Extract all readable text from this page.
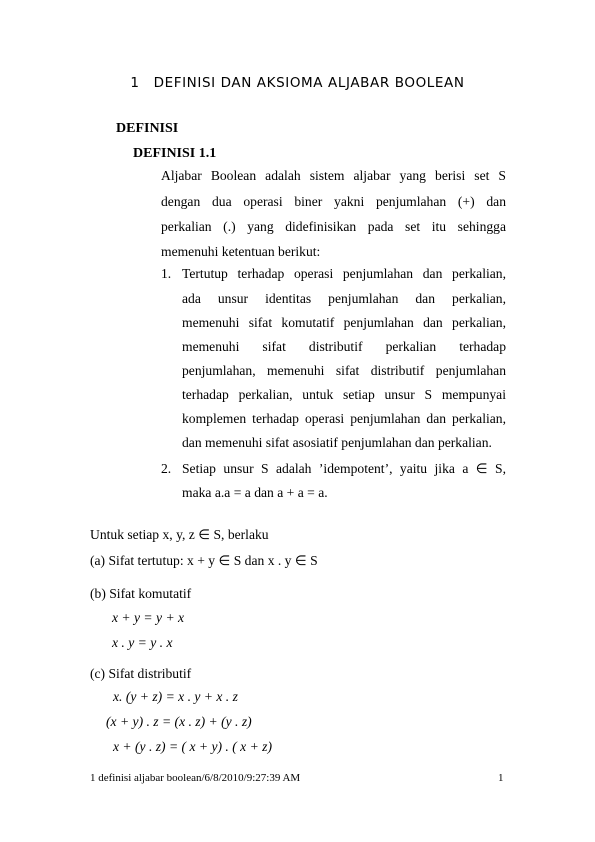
1 DEFINISI DAN AKSIOMA ALJABAR BOOLEAN
DEFINISI
DEFINISI 1.1
Aljabar Boolean adalah sistem aljabar yang berisi set S
dengan dua operasi biner yakni penjumlahan (+) dan
perkalian (.) yang didefinisikan pada set itu sehingga
memenuhi ketentuan berikut:
1. Tertutup terhadap operasi penjumlahan dan perkalian,
ada unsur identitas penjumlahan dan perkalian,
memenuhi sifat komutatif penjumlahan dan perkalian,
memenuhi sifat distributif perkalian terhadap
penjumlahan, memenuhi sifat distributif penjumlahan
terhadap perkalian, untuk setiap unsur S mempunyai
komplemen terhadap operasi penjumlahan dan perkalian,
dan memenuhi sifat asosiatif penjumlahan dan perkalian.
2. Setiap unsur S adalah ’idempotent’, yaitu jika a ∈ S,
maka a.a = a dan a + a = a.
Untuk setiap x, y, z ∈ S, berlaku
(a) Sifat tertutup: x + y ∈ S dan x . y ∈ S
(b) Sifat komutatif
x + y = y + x
x . y = y . x
(c) Sifat distributif
x. (y + z) = x . y + x . z
(x + y) . z = (x . z) + (y . z)
x + (y . z) = ( x + y) . ( x + z)
1 definisi aljabar boolean/6/8/2010/9:27:39 AM	1
